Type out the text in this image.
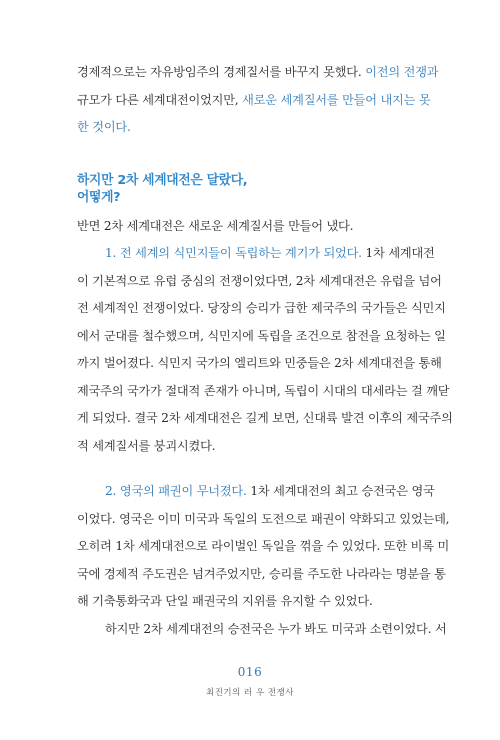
경제적으로는 자유방임주의 경제질서를 바꾸지 못했다. 이전의 전쟁과
규모가 다른 세계대전이었지만, 새로운 세계질서를 만들어 내지는 못
한 것이다.
하지만 2차 세계대전은 달랐다,
어떻게?
반면 2차 세계대전은 새로운 세계질서를 만들어 냈다.
1. 전 세계의 식민지들이 독립하는 계기가 되었다. 1차 세계대전
이 기본적으로 유럽 중심의 전쟁이었다면, 2차 세계대전은 유럽을 넘어
전 세계적인 전쟁이었다. 당장의 승리가 급한 제국주의 국가들은 식민지
에서 군대를 철수했으며, 식민지에 독립을 조건으로 참전을 요청하는 일
까지 벌어졌다. 식민지 국가의 엘리트와 민중들은 2차 세계대전을 통해
제국주의 국가가 절대적 존재가 아니며, 독립이 시대의 대세라는 걸 깨닫
게 되었다. 결국 2차 세계대전은 길게 보면, 신대륙 발견 이후의 제국주의
적 세계질서를 붕괴시켰다.
2. 영국의 패권이 무너졌다. 1차 세계대전의 최고 승전국은 영국
이었다. 영국은 이미 미국과 독일의 도전으로 패권이 약화되고 있었는데,
오히려 1차 세계대전으로 라이벌인 독일을 꺾을 수 있었다. 또한 비록 미
국에 경제적 주도권은 넘겨주었지만, 승리를 주도한 나라라는 명분을 통
해 기축통화국과 단일 패권국의 지위를 유지할 수 있었다.
하지만 2차 세계대전의 승전국은 누가 봐도 미국과 소련이었다. 서
016
최진기의 러 우 전쟁사
